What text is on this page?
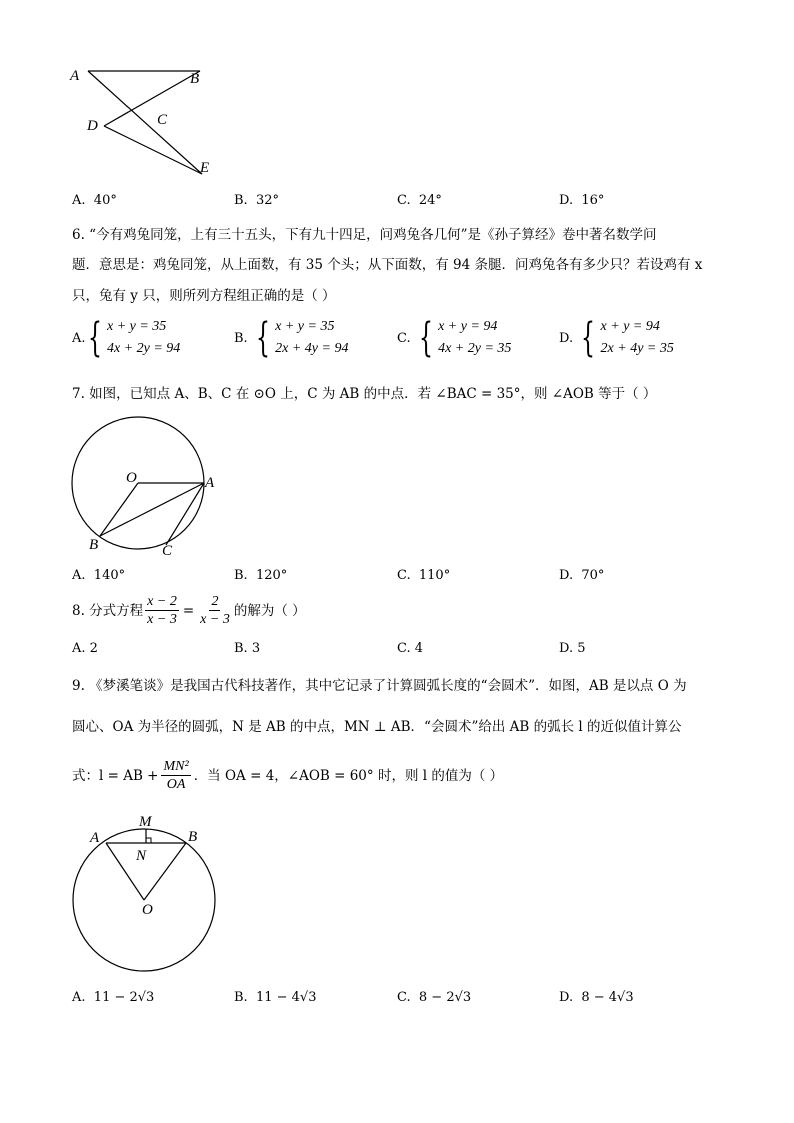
A	B
C
D
E
A. 40°	B. 32°	C. 24°	D. 16°
6. “今有鸡兔同笼，上有三十五头，下有九十四足，问鸡兔各几何”是《孙子算经》卷中著名数学问
题．意思是：鸡兔同笼，从上面数，有 35 个头；从下面数，有 94 条腿．问鸡兔各有多少只？若设鸡有 x
只，兔有 y 只，则所列方程组正确的是（ ）
A. { x + y = 35
4x + 2y = 94
B. { x + y = 35
2x + 4y = 94
C. { x + y = 94
4x + 2y = 35
D. { x + y = 94
2x + 4y = 35
7. 如图，已知点 A、B、C 在 ⊙O 上，C 为 AB 的中点．若 ∠BAC = 35°，则 ∠AOB 等于（ ）
O	A
B	C
A. 140°	B. 120°	C. 110°	D. 70°
8. 分式方程 $\frac{x - 2}{x - 3} = \frac{2}{x - 3}$ 的解为（ ）
A. 2	B. 3	C. 4	D. 5
9. 《梦溪笔谈》是我国古代科技著作，其中它记录了计算圆弧长度的“会圆术”．如图，AB 是以点 O 为
圆心、OA 为半径的圆弧，N 是 AB 的中点，MN ⊥ AB．“会圆术”给出 AB 的弧长 l 的近似值计算公
式：l = AB + $\frac{\text{MN²}}{OA}$ ．当 OA = 4，∠AOB = 60° 时，则 l 的值为（ ）
M
A	B
N
O
A. 11 − 2√3	B. 11 − 4√3	C. 8 − 2√3	D. 8 − 4√3
